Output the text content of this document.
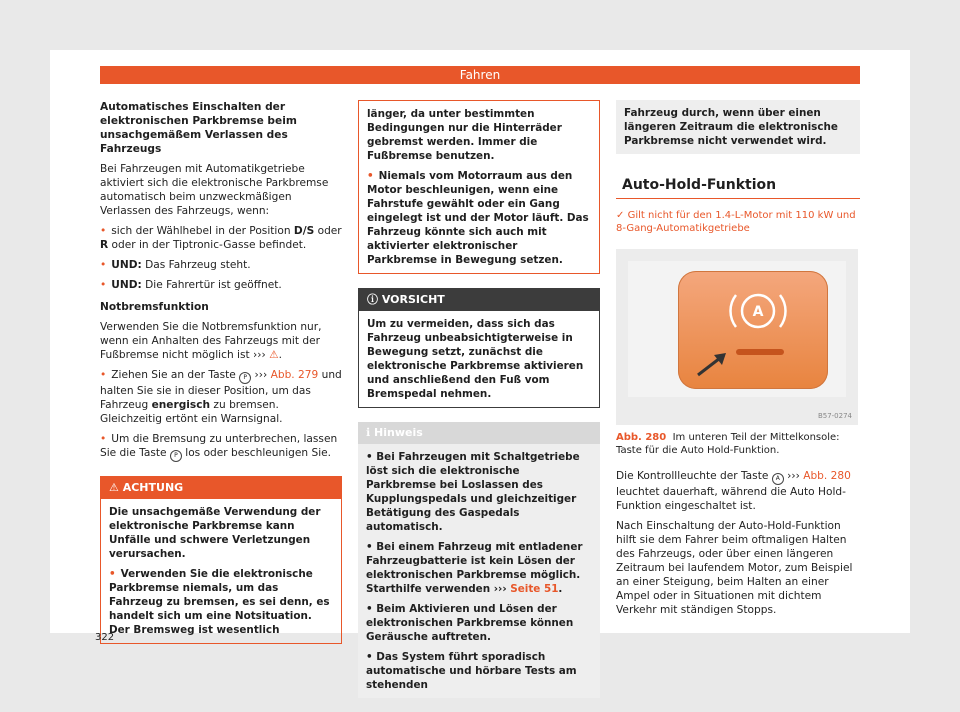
Fahren

Automatisches Einschalten der elektronischen Parkbremse beim unsachgemäßem Verlassen des Fahrzeugs

Bei Fahrzeugen mit Automatikgetriebe aktiviert sich die elektronische Parkbremse automatisch beim unzweckmäßigen Verlassen des Fahrzeugs, wenn:

• sich der Wählhebel in der Position D/S oder R oder in der Tiptronic-Gasse befindet.

• UND: Das Fahrzeug steht.

• UND: Die Fahrertür ist geöffnet.

Notbremsfunktion

Verwenden Sie die Notbremsfunktion nur, wenn ein Anhalten des Fahrzeugs mit der Fußbremse nicht möglich ist ››› ⚠.

• Ziehen Sie an der Taste P ››› Abb. 279 und halten Sie sie in dieser Position, um das Fahrzeug energisch zu bremsen. Gleichzeitig ertönt ein Warnsignal.

• Um die Bremsung zu unterbrechen, lassen Sie die Taste P los oder beschleunigen Sie.

⚠ ACHTUNG

Die unsachgemäße Verwendung der elektronische Parkbremse kann Unfälle und schwere Verletzungen verursachen.

• Verwenden Sie die elektronische Parkbremse niemals, um das Fahrzeug zu bremsen, es sei denn, es handelt sich um eine Notsituation. Der Bremsweg ist wesentlich

länger, da unter bestimmten Bedingungen nur die Hinterräder gebremst werden. Immer die Fußbremse benutzen.

• Niemals vom Motorraum aus den Motor beschleunigen, wenn eine Fahrstufe gewählt oder ein Gang eingelegt ist und der Motor läuft. Das Fahrzeug könnte sich auch mit aktivierter elektronischer Parkbremse in Bewegung setzen.

ⓘ VORSICHT
Um zu vermeiden, dass sich das Fahrzeug unbeabsichtigterweise in Bewegung setzt, zunächst die elektronische Parkbremse aktivieren und anschließend den Fuß vom Bremspedal nehmen.
ℹ Hinweis

• Bei Fahrzeugen mit Schaltgetriebe löst sich die elektronische Parkbremse bei Loslassen des Kupplungspedals und gleichzeitiger Betätigung des Gaspedals automatisch.

• Bei einem Fahrzeug mit entladener Fahrzeugbatterie ist kein Lösen der elektronischen Parkbremse möglich. Starthilfe verwenden ››› Seite 51.

• Beim Aktivieren und Lösen der elektronischen Parkbremse können Geräusche auftreten.

• Das System führt sporadisch automatische und hörbare Tests am stehenden

Fahrzeug durch, wenn über einen längeren Zeitraum die elektronische Parkbremse nicht verwendet wird.
Auto-Hold-Funktion
✓ Gilt nicht für den 1.4-L-Motor mit 110 kW und 8-Gang-Automatikgetriebe
A
B57-0274
Abb. 280 Im unteren Teil der Mittelkonsole: Taste für die Auto Hold-Funktion.

Die Kontrollleuchte der Taste A ››› Abb. 280 leuchtet dauerhaft, während die Auto Hold-Funktion eingeschaltet ist.

Nach Einschaltung der Auto-Hold-Funktion hilft sie dem Fahrer beim oftmaligen Halten des Fahrzeugs, oder über einen längeren Zeitraum bei laufendem Motor, zum Beispiel an einer Steigung, beim Halten an einer Ampel oder in Situationen mit dichtem Verkehr mit ständigen Stopps.

322
